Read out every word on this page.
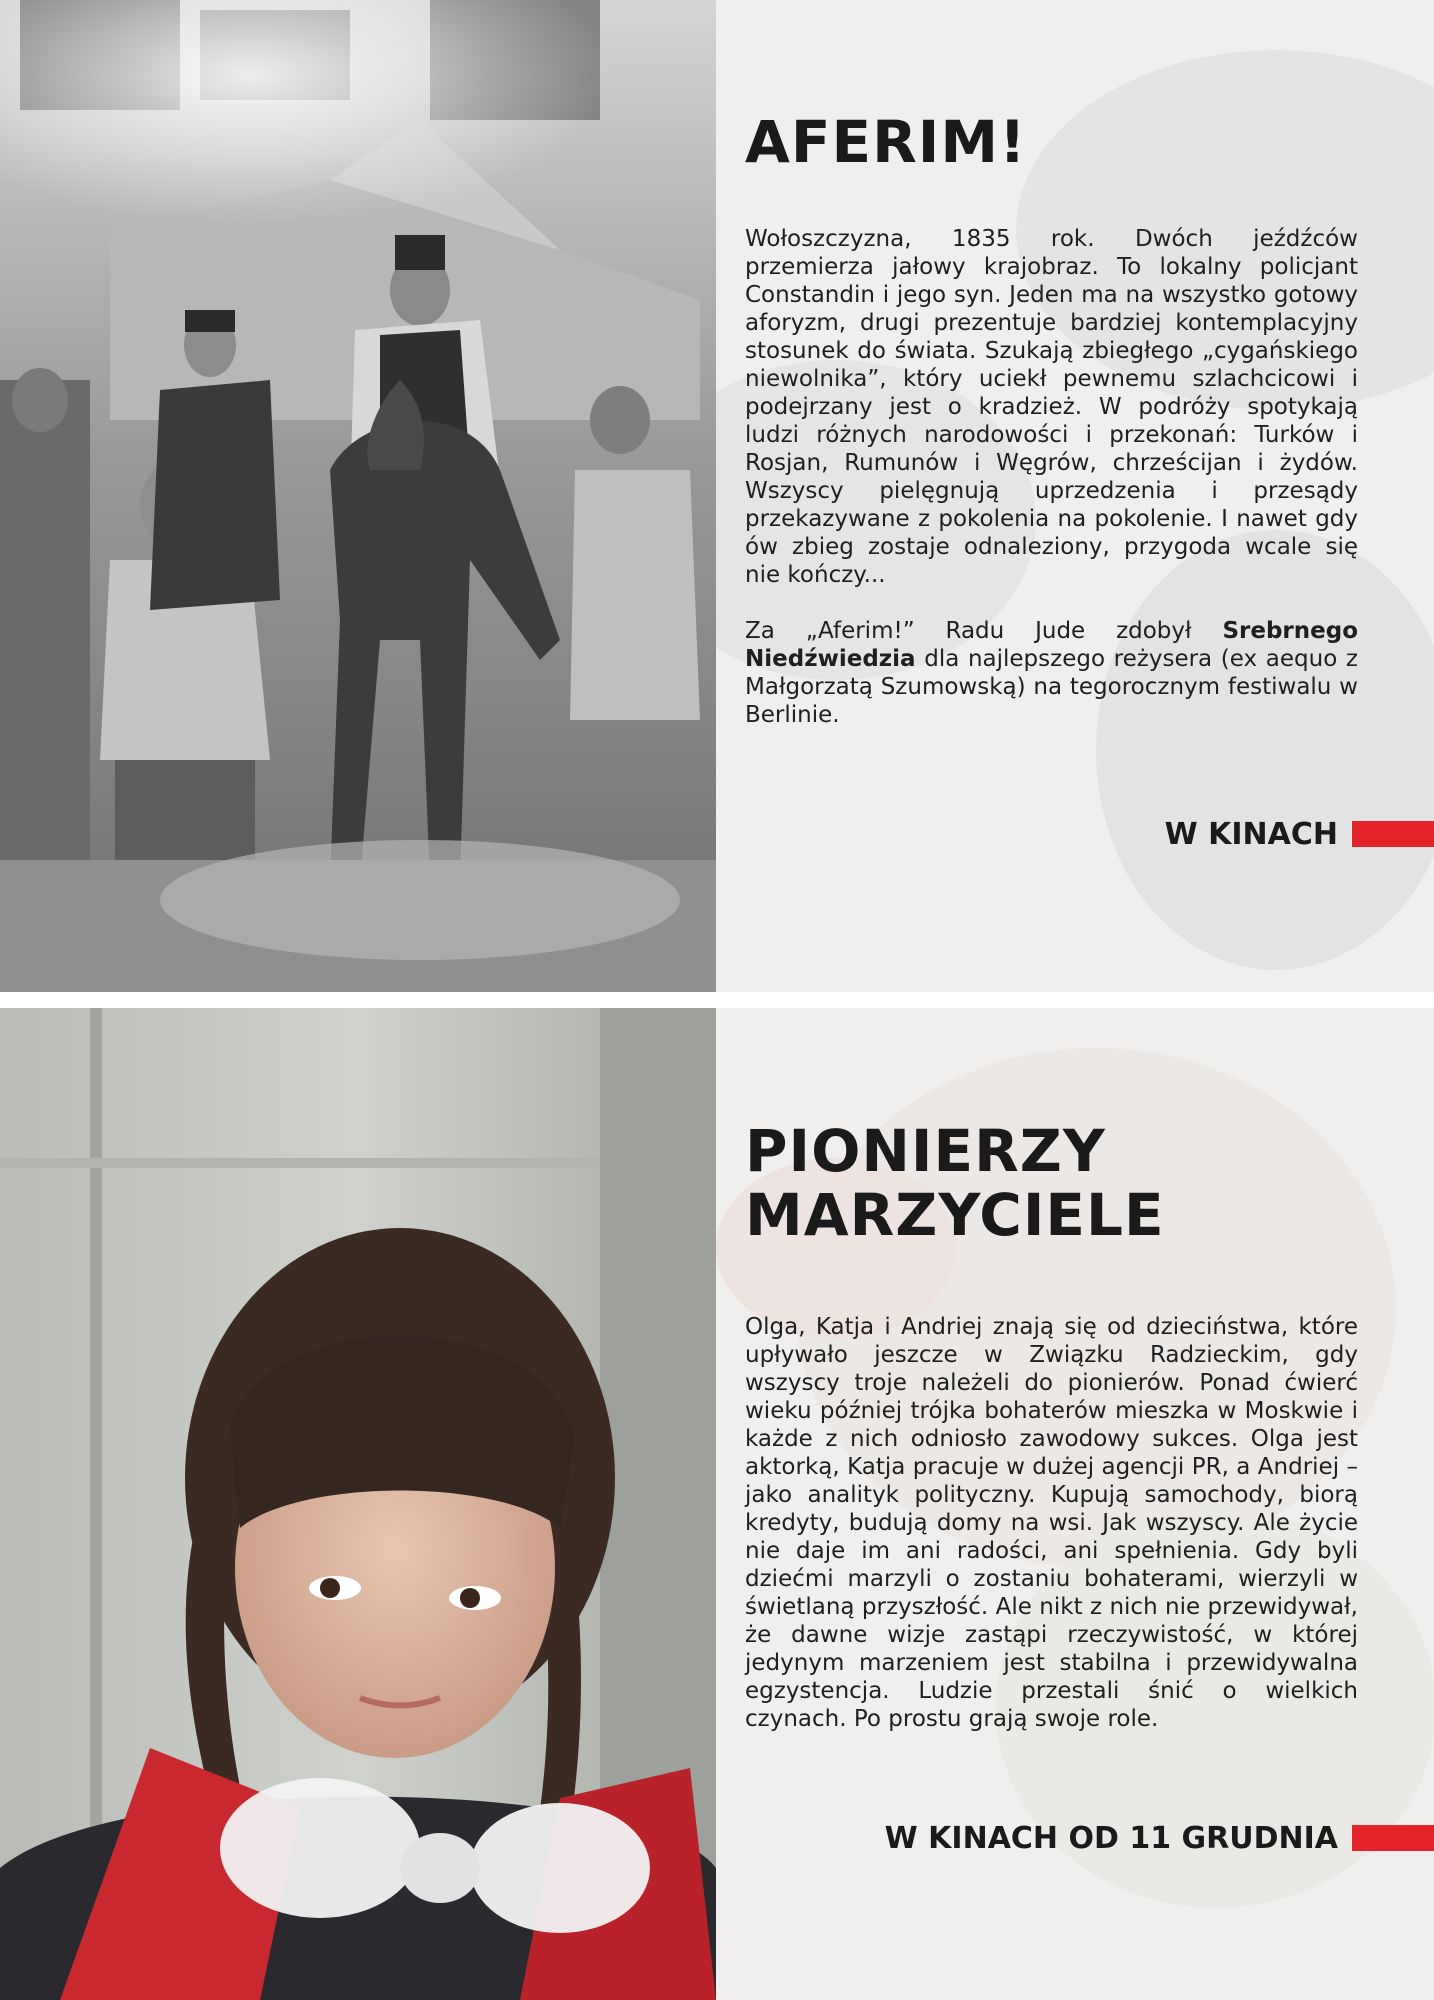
AFERIM!

Wołoszczyzna, 1835 rok. Dwóch jeźdźców przemierza jałowy krajobraz. To lokalny policjant Constandin i jego syn. Jeden ma na wszystko gotowy aforyzm, drugi prezentuje bardziej kontemplacyjny stosunek do świata. Szukają zbiegłego „cygańskiego niewolnika”, który uciekł pewnemu szlachcicowi i podejrzany jest o kradzież. W podróży spotykają ludzi różnych narodowości i przekonań: Turków i Rosjan, Rumunów i Węgrów, chrześcijan i żydów. Wszyscy pielęgnują uprzedzenia i przesądy przekazywane z pokolenia na pokolenie. I nawet gdy ów zbieg zostaje odnaleziony, przygoda wcale się nie kończy...

Za „Aferim!” Radu Jude zdobył Srebrnego Niedźwiedzia dla najlepszego reżysera (ex aequo z Małgorzatą Szumowską) na tegorocznym festiwalu w Berlinie.

W KINACH
PIONIERZY
MARZYCIELE

Olga, Katja i Andriej znają się od dzieciństwa, które upływało jeszcze w Związku Radzieckim, gdy wszyscy troje należeli do pionierów. Ponad ćwierć wieku później trójka bohaterów mieszka w Moskwie i każde z nich odniosło zawodowy sukces. Olga jest aktorką, Katja pracuje w dużej agencji PR, a Andriej – jako analityk polityczny. Kupują samochody, biorą kredyty, budują domy na wsi. Jak wszyscy. Ale życie nie daje im ani radości, ani spełnienia. Gdy byli dziećmi marzyli o zostaniu bohaterami, wierzyli w świetlaną przyszłość. Ale nikt z nich nie przewidywał, że dawne wizje zastąpi rzeczywistość, w której jedynym marzeniem jest stabilna i przewidywalna egzystencja. Ludzie przestali śnić o wielkich czynach. Po prostu grają swoje role.

W KINACH OD 11 GRUDNIA
